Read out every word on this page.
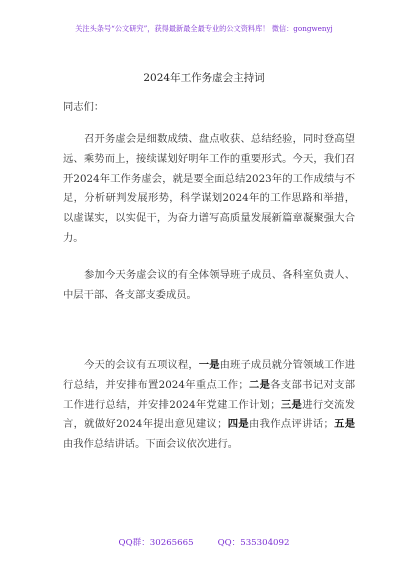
关注头条号“公文研究”，获得最新最全最专业的公文资料库！ 微信：gongwenyj
2024年工作务虚会主持词
同志们：
召开务虚会是细数成绩、盘点收获、总结经验，同时登高望远、乘势而上，接续谋划好明年工作的重要形式。今天，我们召开2024年工作务虚会，就是要全面总结2023年的工作成绩与不足，分析研判发展形势，科学谋划2024年的工作思路和举措，以虚谋实，以实促干，为奋力谱写高质量发展新篇章凝聚强大合力。
参加今天务虚会议的有全体领导班子成员、各科室负责人、中层干部、各支部支委成员。
今天的会议有五项议程，一是由班子成员就分管领域工作进行总结，并安排布置2024年重点工作；二是各支部书记对支部工作进行总结，并安排2024年党建工作计划；三是进行交流发言，就做好2024年提出意见建议；四是由我作点评讲话；五是由我作总结讲话。下面会议依次进行。
QQ群：30265665	QQ：535304092
